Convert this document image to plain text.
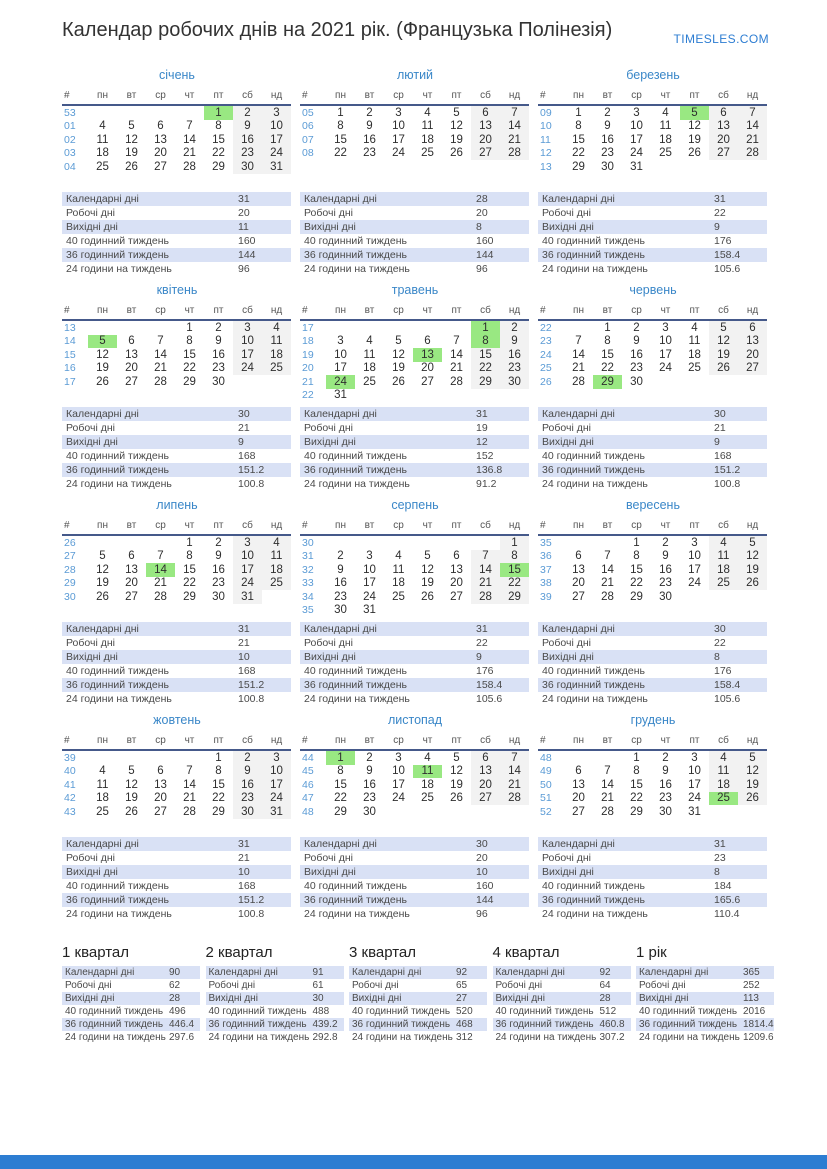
Календар робочих днів на 2021 рік. (Французька Полінезія)	TIMESLES.COM
січень
#	пн	вт	ср	чт	пт	сб	нд
53					1	2	3
01	4	5	6	7	8	9	10
02	11	12	13	14	15	16	17
03	18	19	20	21	22	23	24
04	25	26	27	28	29	30	31
Календарні дні	31
Робочі дні	20
Вихідні дні	11
40 годинний тиждень	160
36 годинний тиждень	144
24 години на тиждень	96
лютий
#	пн	вт	ср	чт	пт	сб	нд
05	1	2	3	4	5	6	7
06	8	9	10	11	12	13	14
07	15	16	17	18	19	20	21
08	22	23	24	25	26	27	28
Календарні дні	28
Робочі дні	20
Вихідні дні	8
40 годинний тиждень	160
36 годинний тиждень	144
24 години на тиждень	96
березень
#	пн	вт	ср	чт	пт	сб	нд
09	1	2	3	4	5	6	7
10	8	9	10	11	12	13	14
11	15	16	17	18	19	20	21
12	22	23	24	25	26	27	28
13	29	30	31				
Календарні дні	31
Робочі дні	22
Вихідні дні	9
40 годинний тиждень	176
36 годинний тиждень	158.4
24 години на тиждень	105.6
квітень
#	пн	вт	ср	чт	пт	сб	нд
13				1	2	3	4
14	5	6	7	8	9	10	11
15	12	13	14	15	16	17	18
16	19	20	21	22	23	24	25
17	26	27	28	29	30		
Календарні дні	30
Робочі дні	21
Вихідні дні	9
40 годинний тиждень	168
36 годинний тиждень	151.2
24 години на тиждень	100.8
травень
#	пн	вт	ср	чт	пт	сб	нд
17						1	2
18	3	4	5	6	7	8	9
19	10	11	12	13	14	15	16
20	17	18	19	20	21	22	23
21	24	25	26	27	28	29	30
22	31						
Календарні дні	31
Робочі дні	19
Вихідні дні	12
40 годинний тиждень	152
36 годинний тиждень	136.8
24 години на тиждень	91.2
червень
#	пн	вт	ср	чт	пт	сб	нд
22		1	2	3	4	5	6
23	7	8	9	10	11	12	13
24	14	15	16	17	18	19	20
25	21	22	23	24	25	26	27
26	28	29	30				
Календарні дні	30
Робочі дні	21
Вихідні дні	9
40 годинний тиждень	168
36 годинний тиждень	151.2
24 години на тиждень	100.8
липень
#	пн	вт	ср	чт	пт	сб	нд
26				1	2	3	4
27	5	6	7	8	9	10	11
28	12	13	14	15	16	17	18
29	19	20	21	22	23	24	25
30	26	27	28	29	30	31	
Календарні дні	31
Робочі дні	21
Вихідні дні	10
40 годинний тиждень	168
36 годинний тиждень	151.2
24 години на тиждень	100.8
серпень
#	пн	вт	ср	чт	пт	сб	нд
30							1
31	2	3	4	5	6	7	8
32	9	10	11	12	13	14	15
33	16	17	18	19	20	21	22
34	23	24	25	26	27	28	29
35	30	31					
Календарні дні	31
Робочі дні	22
Вихідні дні	9
40 годинний тиждень	176
36 годинний тиждень	158.4
24 години на тиждень	105.6
вересень
#	пн	вт	ср	чт	пт	сб	нд
35			1	2	3	4	5
36	6	7	8	9	10	11	12
37	13	14	15	16	17	18	19
38	20	21	22	23	24	25	26
39	27	28	29	30			
Календарні дні	30
Робочі дні	22
Вихідні дні	8
40 годинний тиждень	176
36 годинний тиждень	158.4
24 години на тиждень	105.6
жовтень
#	пн	вт	ср	чт	пт	сб	нд
39					1	2	3
40	4	5	6	7	8	9	10
41	11	12	13	14	15	16	17
42	18	19	20	21	22	23	24
43	25	26	27	28	29	30	31
Календарні дні	31
Робочі дні	21
Вихідні дні	10
40 годинний тиждень	168
36 годинний тиждень	151.2
24 години на тиждень	100.8
листопад
#	пн	вт	ср	чт	пт	сб	нд
44	1	2	3	4	5	6	7
45	8	9	10	11	12	13	14
46	15	16	17	18	19	20	21
47	22	23	24	25	26	27	28
48	29	30					
Календарні дні	30
Робочі дні	20
Вихідні дні	10
40 годинний тиждень	160
36 годинний тиждень	144
24 години на тиждень	96
грудень
#	пн	вт	ср	чт	пт	сб	нд
48			1	2	3	4	5
49	6	7	8	9	10	11	12
50	13	14	15	16	17	18	19
51	20	21	22	23	24	25	26
52	27	28	29	30	31		
Календарні дні	31
Робочі дні	23
Вихідні дні	8
40 годинний тиждень	184
36 годинний тиждень	165.6
24 години на тиждень	110.4
1 квартал
Календарні дні	90
Робочі дні	62
Вихідні дні	28
40 годинний тиждень 496
36 годинний тиждень 446.4
24 години на тиждень 297.6
2 квартал
Календарні дні	91
Робочі дні	61
Вихідні дні	30
40 годинний тиждень 488
36 годинний тиждень 439.2
24 години на тиждень 292.8
3 квартал
Календарні дні	92
Робочі дні	65
Вихідні дні	27
40 годинний тиждень 520
36 годинний тиждень 468
24 години на тиждень 312
4 квартал
Календарні дні	92
Робочі дні	64
Вихідні дні	28
40 годинний тиждень 512
36 годинний тиждень 460.8
24 години на тиждень 307.2
1 рік
Календарні дні	365
Робочі дні	252
Вихідні дні	113
40 годинний тиждень 2016
36 годинний тиждень 1814.4
24 години на тиждень 1209.6
